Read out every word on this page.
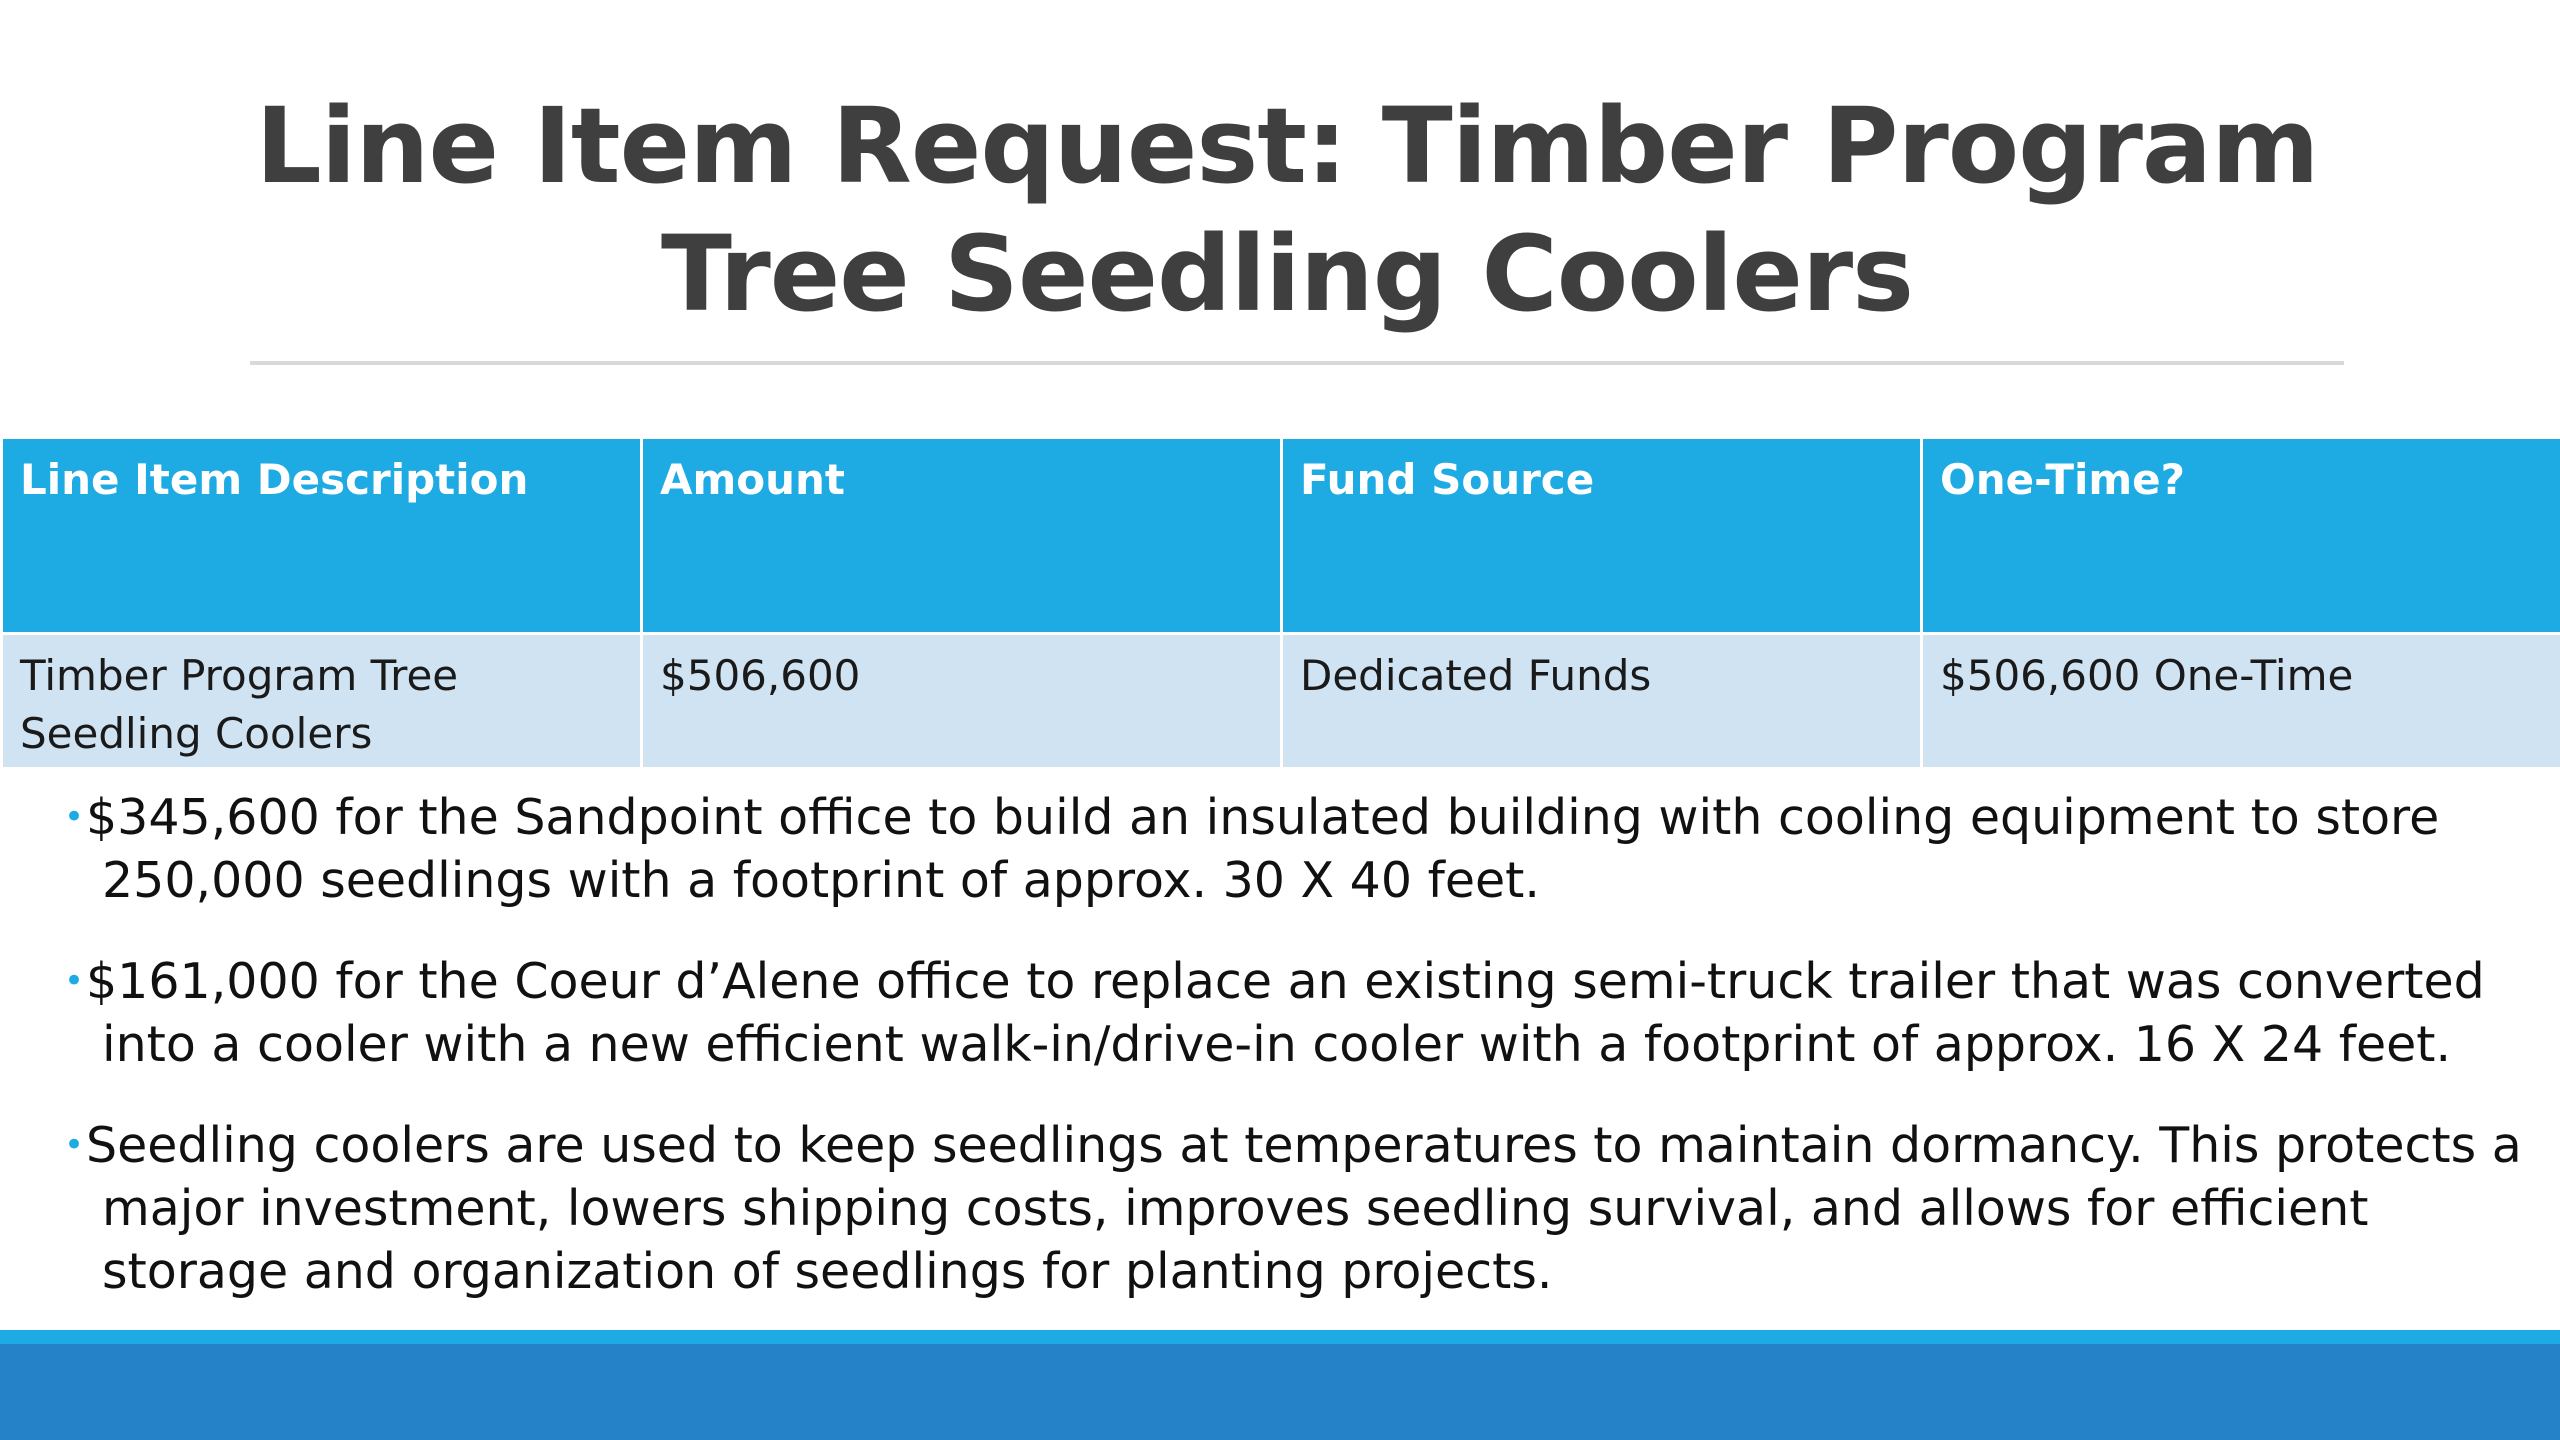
Line Item Request: Timber Program
Tree Seedling Coolers
Line Item Description	Amount	Fund Source	One-Time?
Timber Program Tree Seedling Coolers	$506,600	Dedicated Funds	$506,600 One-Time
• $345,600 for the Sandpoint office to build an insulated building with cooling equipment to store 250,000 seedlings with a footprint of approx. 30 X 40 feet.
• $161,000 for the Coeur d’Alene office to replace an existing semi-truck trailer that was converted into a cooler with a new efficient walk-in/drive-in cooler with a footprint of approx. 16 X 24 feet.
• Seedling coolers are used to keep seedlings at temperatures to maintain dormancy. This protects a major investment, lowers shipping costs, improves seedling survival, and allows for efficient storage and organization of seedlings for planting projects.
